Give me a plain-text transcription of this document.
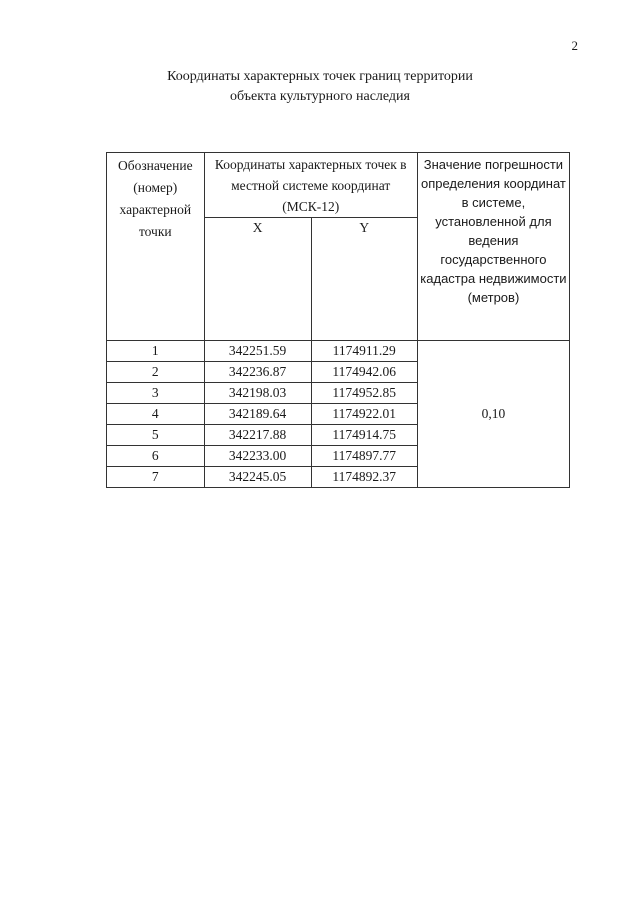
2
Координаты характерных точек границ территории
объекта культурного наследия
Обозначение (номер) характерной точки	Координаты характерных точек в местной системе координат (МСК-12)		Значение погрешности определения координат в системе, установленной для ведения государственного кадастра недвижимости (метров)
	X	Y	
1	342251.59	1174911.29	0,10
2	342236.87	1174942.06	
3	342198.03	1174952.85	
4	342189.64	1174922.01	
5	342217.88	1174914.75	
6	342233.00	1174897.77	
7	342245.05	1174892.37	
